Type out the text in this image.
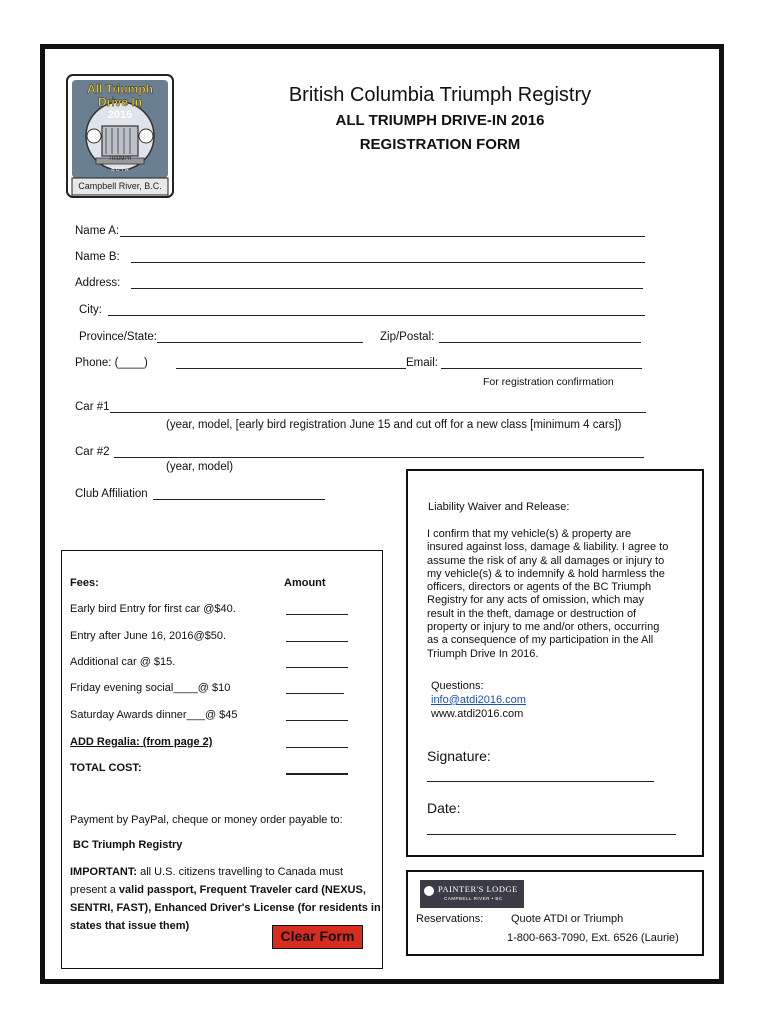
All Triumph
Drive In
2016
TRIUMPH
B C T R
Campbell River, B.C.
British Columbia Triumph Registry
ALL TRIUMPH DRIVE-IN 2016
REGISTRATION FORM
Name A:
Name B:
Address:
City:
Province/State:	Zip/Postal:
Phone: (____)	Email:
For registration confirmation
Car #1
(year, model, [early bird registration June 15 and cut off for a new class [minimum 4 cars])
Car #2
(year, model)
Club Affiliation
Fees:	Amount
Early bird Entry for first car @$40.
Entry after June 16, 2016@$50.
Additional car @ $15.
Friday evening social____@ $10
Saturday Awards dinner___@ $45
ADD Regalia: (from page 2)
TOTAL COST:
Payment by PayPal, cheque or money order payable to:
BC Triumph Registry
IMPORTANT: all U.S. citizens travelling to Canada must
present a valid passport, Frequent Traveler card (NEXUS,
SENTRI, FAST), Enhanced Driver's License (for residents in
states that issue them)
Clear Form
Liability Waiver and Release:
I confirm that my vehicle(s) & property are
insured against loss, damage & liability. I agree to
assume the risk of any & all damages or injury to
my vehicle(s) & to indemnify & hold harmless the
officers, directors or agents of the BC Triumph
Registry for any acts of omission, which may
result in the theft, damage or destruction of
property or injury to me and/or others, occurring
as a consequence of my participation in the All
Triumph Drive In 2016.
Questions:
info@atdi2016.com
www.atdi2016.com
Signature:
Date:
PAINTER'S LODGE
CAMPBELL RIVER • BC
Reservations:	Quote ATDI or Triumph
1-800-663-7090, Ext. 6526 (Laurie)
